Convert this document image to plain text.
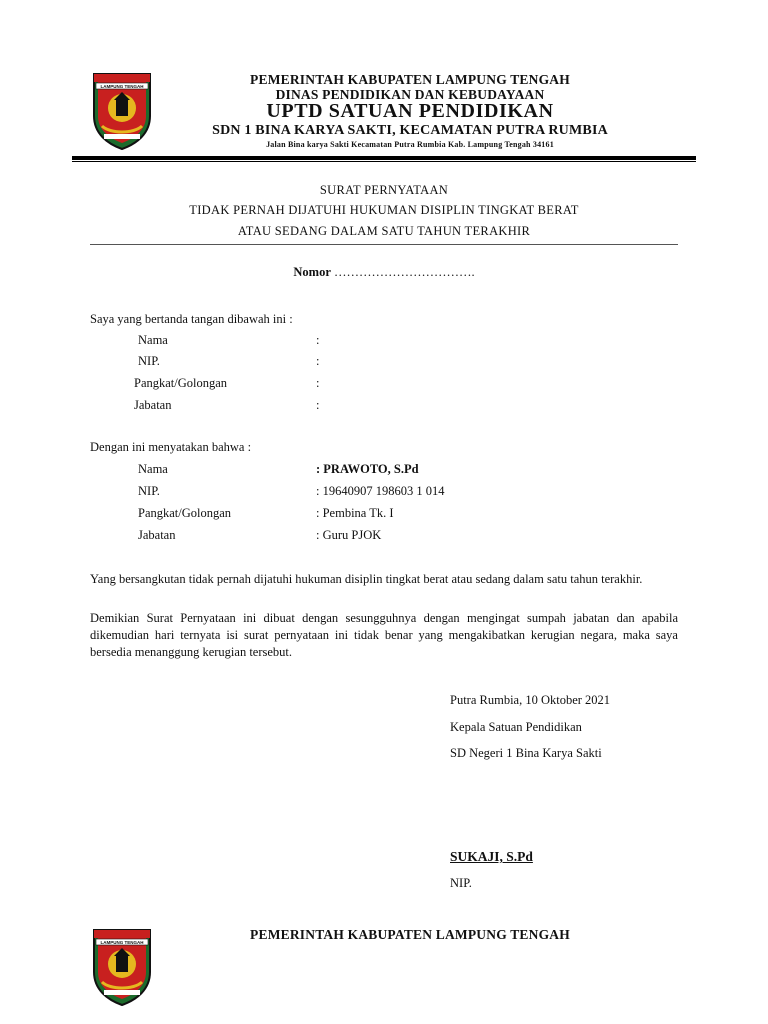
LAMPUNG TENGAH	PEMERINTAH KABUPATEN LAMPUNG TENGAH
DINAS PENDIDIKAN DAN KEBUDAYAAN
UPTD SATUAN PENDIDIKAN
SDN 1 BINA KARYA SAKTI, KECAMATAN PUTRA RUMBIA
Jalan Bina karya Sakti Kecamatan Putra Rumbia Kab. Lampung Tengah 34161
SURAT PERNYATAAN
TIDAK PERNAH DIJATUHI HUKUMAN DISIPLIN TINGKAT BERAT
ATAU SEDANG DALAM SATU TAHUN TERAKHIR
Nomor …………………………….
Saya yang bertanda tangan dibawah ini :
Nama	:
NIP.	:
Pangkat/Golongan	:
Jabatan	:
Dengan ini menyatakan bahwa :
Nama	: PRAWOTO, S.Pd
NIP.	: 19640907 198603 1 014
Pangkat/Golongan	: Pembina Tk. I
Jabatan	: Guru PJOK
Yang bersangkutan tidak pernah dijatuhi hukuman disiplin tingkat berat atau sedang dalam satu tahun terakhir.
Demikian Surat Pernyataan ini dibuat dengan sesungguhnya dengan mengingat sumpah jabatan dan apabila dikemudian hari ternyata isi surat pernyataan ini tidak benar yang mengakibatkan kerugian negara, maka saya bersedia menanggung kerugian tersebut.
Putra Rumbia, 10 Oktober 2021
Kepala Satuan Pendidikan
SD Negeri 1 Bina Karya Sakti
SUKAJI, S.Pd
NIP.
LAMPUNG TENGAH
PEMERINTAH KABUPATEN LAMPUNG TENGAH
